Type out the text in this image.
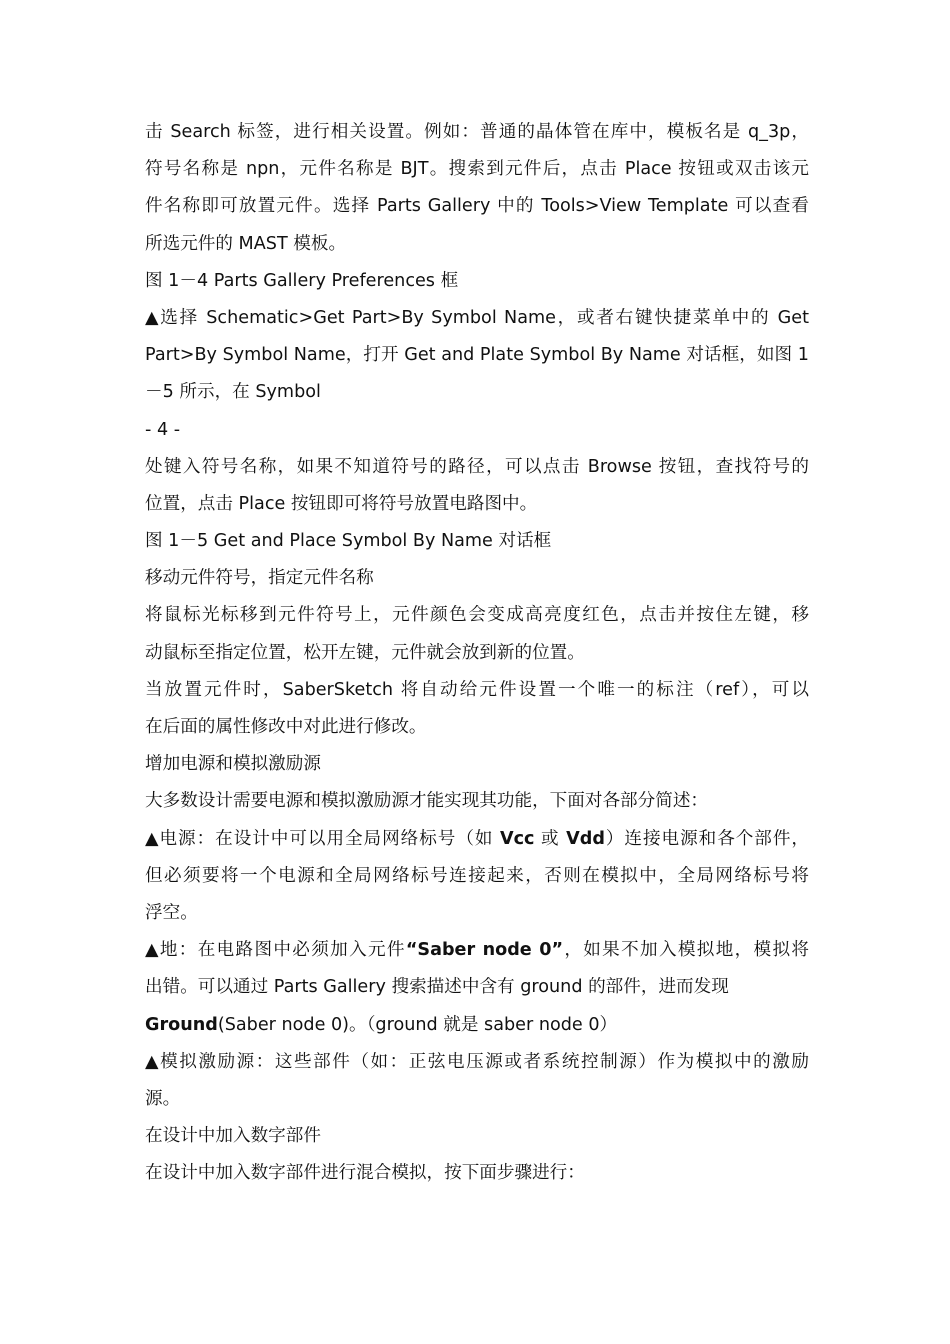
击 Search 标签，进行相关设置。例如：普通的晶体管在库中，模板名是 q_3p，
符号名称是 npn，元件名称是 BJT。搜索到元件后，点击 Place 按钮或双击该元
件名称即可放置元件。选择 Parts Gallery 中的 Tools>View Template 可以查看
所选元件的 MAST 模板。
图 1－4 Parts Gallery Preferences 框
▲选择 Schematic>Get Part>By Symbol Name，或者右键快捷菜单中的 Get
Part>By Symbol Name，打开 Get and Plate Symbol By Name 对话框，如图 1
－5 所示，在 Symbol
- 4 -
处键入符号名称，如果不知道符号的路径，可以点击 Browse 按钮，查找符号的
位置，点击 Place 按钮即可将符号放置电路图中。
图 1－5 Get and Place Symbol By Name 对话框
移动元件符号，指定元件名称
将鼠标光标移到元件符号上，元件颜色会变成高亮度红色，点击并按住左键，移
动鼠标至指定位置，松开左键，元件就会放到新的位置。
当放置元件时，SaberSketch 将自动给元件设置一个唯一的标注（ref），可以
在后面的属性修改中对此进行修改。
增加电源和模拟激励源
大多数设计需要电源和模拟激励源才能实现其功能，下面对各部分简述：
▲电源：在设计中可以用全局网络标号（如 Vcc 或 Vdd）连接电源和各个部件，
但必须要将一个电源和全局网络标号连接起来，否则在模拟中，全局网络标号将
浮空。
▲地：在电路图中必须加入元件“Saber node 0”，如果不加入模拟地，模拟将
出错。可以通过 Parts Gallery 搜索描述中含有 ground 的部件，进而发现
Ground(Saber node 0)。（ground 就是 saber node 0）
▲模拟激励源：这些部件（如：正弦电压源或者系统控制源）作为模拟中的激励
源。
在设计中加入数字部件
在设计中加入数字部件进行混合模拟，按下面步骤进行：
